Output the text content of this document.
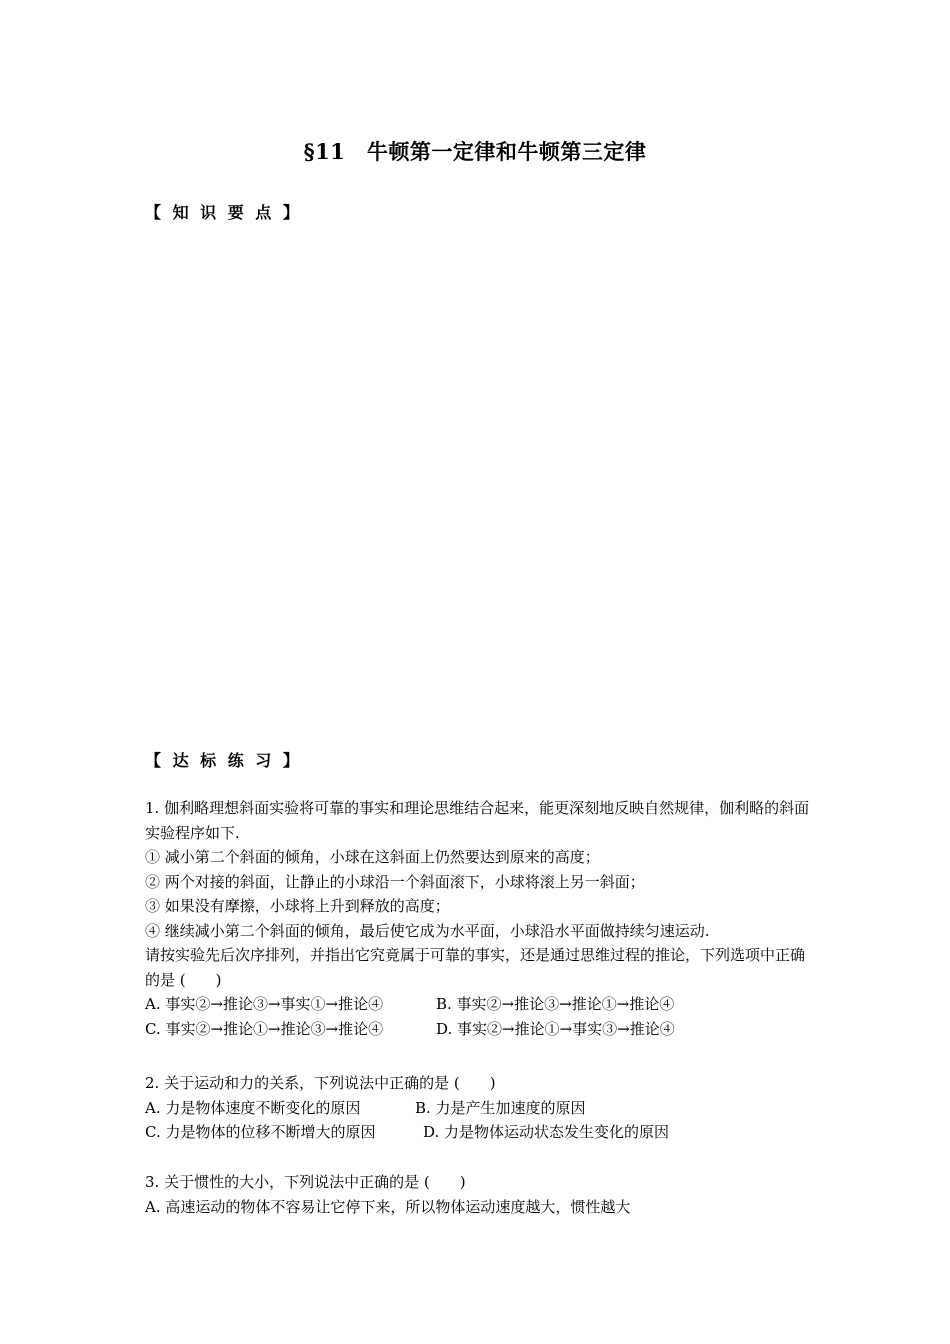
§11　牛顿第一定律和牛顿第三定律
【 知 识 要 点 】
【 达 标 练 习 】
1. 伽利略理想斜面实验将可靠的事实和理论思维结合起来，能更深刻地反映自然规律，伽利略的斜面实验程序如下.
① 减小第二个斜面的倾角，小球在这斜面上仍然要达到原来的高度；
② 两个对接的斜面，让静止的小球沿一个斜面滚下，小球将滚上另一斜面；
③ 如果没有摩擦，小球将上升到释放的高度；
④ 继续减小第二个斜面的倾角，最后使它成为水平面，小球沿水平面做持续匀速运动.
请按实验先后次序排列，并指出它究竟属于可靠的事实，还是通过思维过程的推论，下列选项中正确的是 (　　)
A. 事实②→推论③→事实①→推论④	B. 事实②→推论③→推论①→推论④
C. 事实②→推论①→推论③→推论④	D. 事实②→推论①→事实③→推论④
2. 关于运动和力的关系，下列说法中正确的是 (　　)
A. 力是物体速度不断变化的原因	B. 力是产生加速度的原因
C. 力是物体的位移不断增大的原因	D. 力是物体运动状态发生变化的原因
3. 关于惯性的大小，下列说法中正确的是 (　　)
A. 高速运动的物体不容易让它停下来，所以物体运动速度越大，惯性越大
